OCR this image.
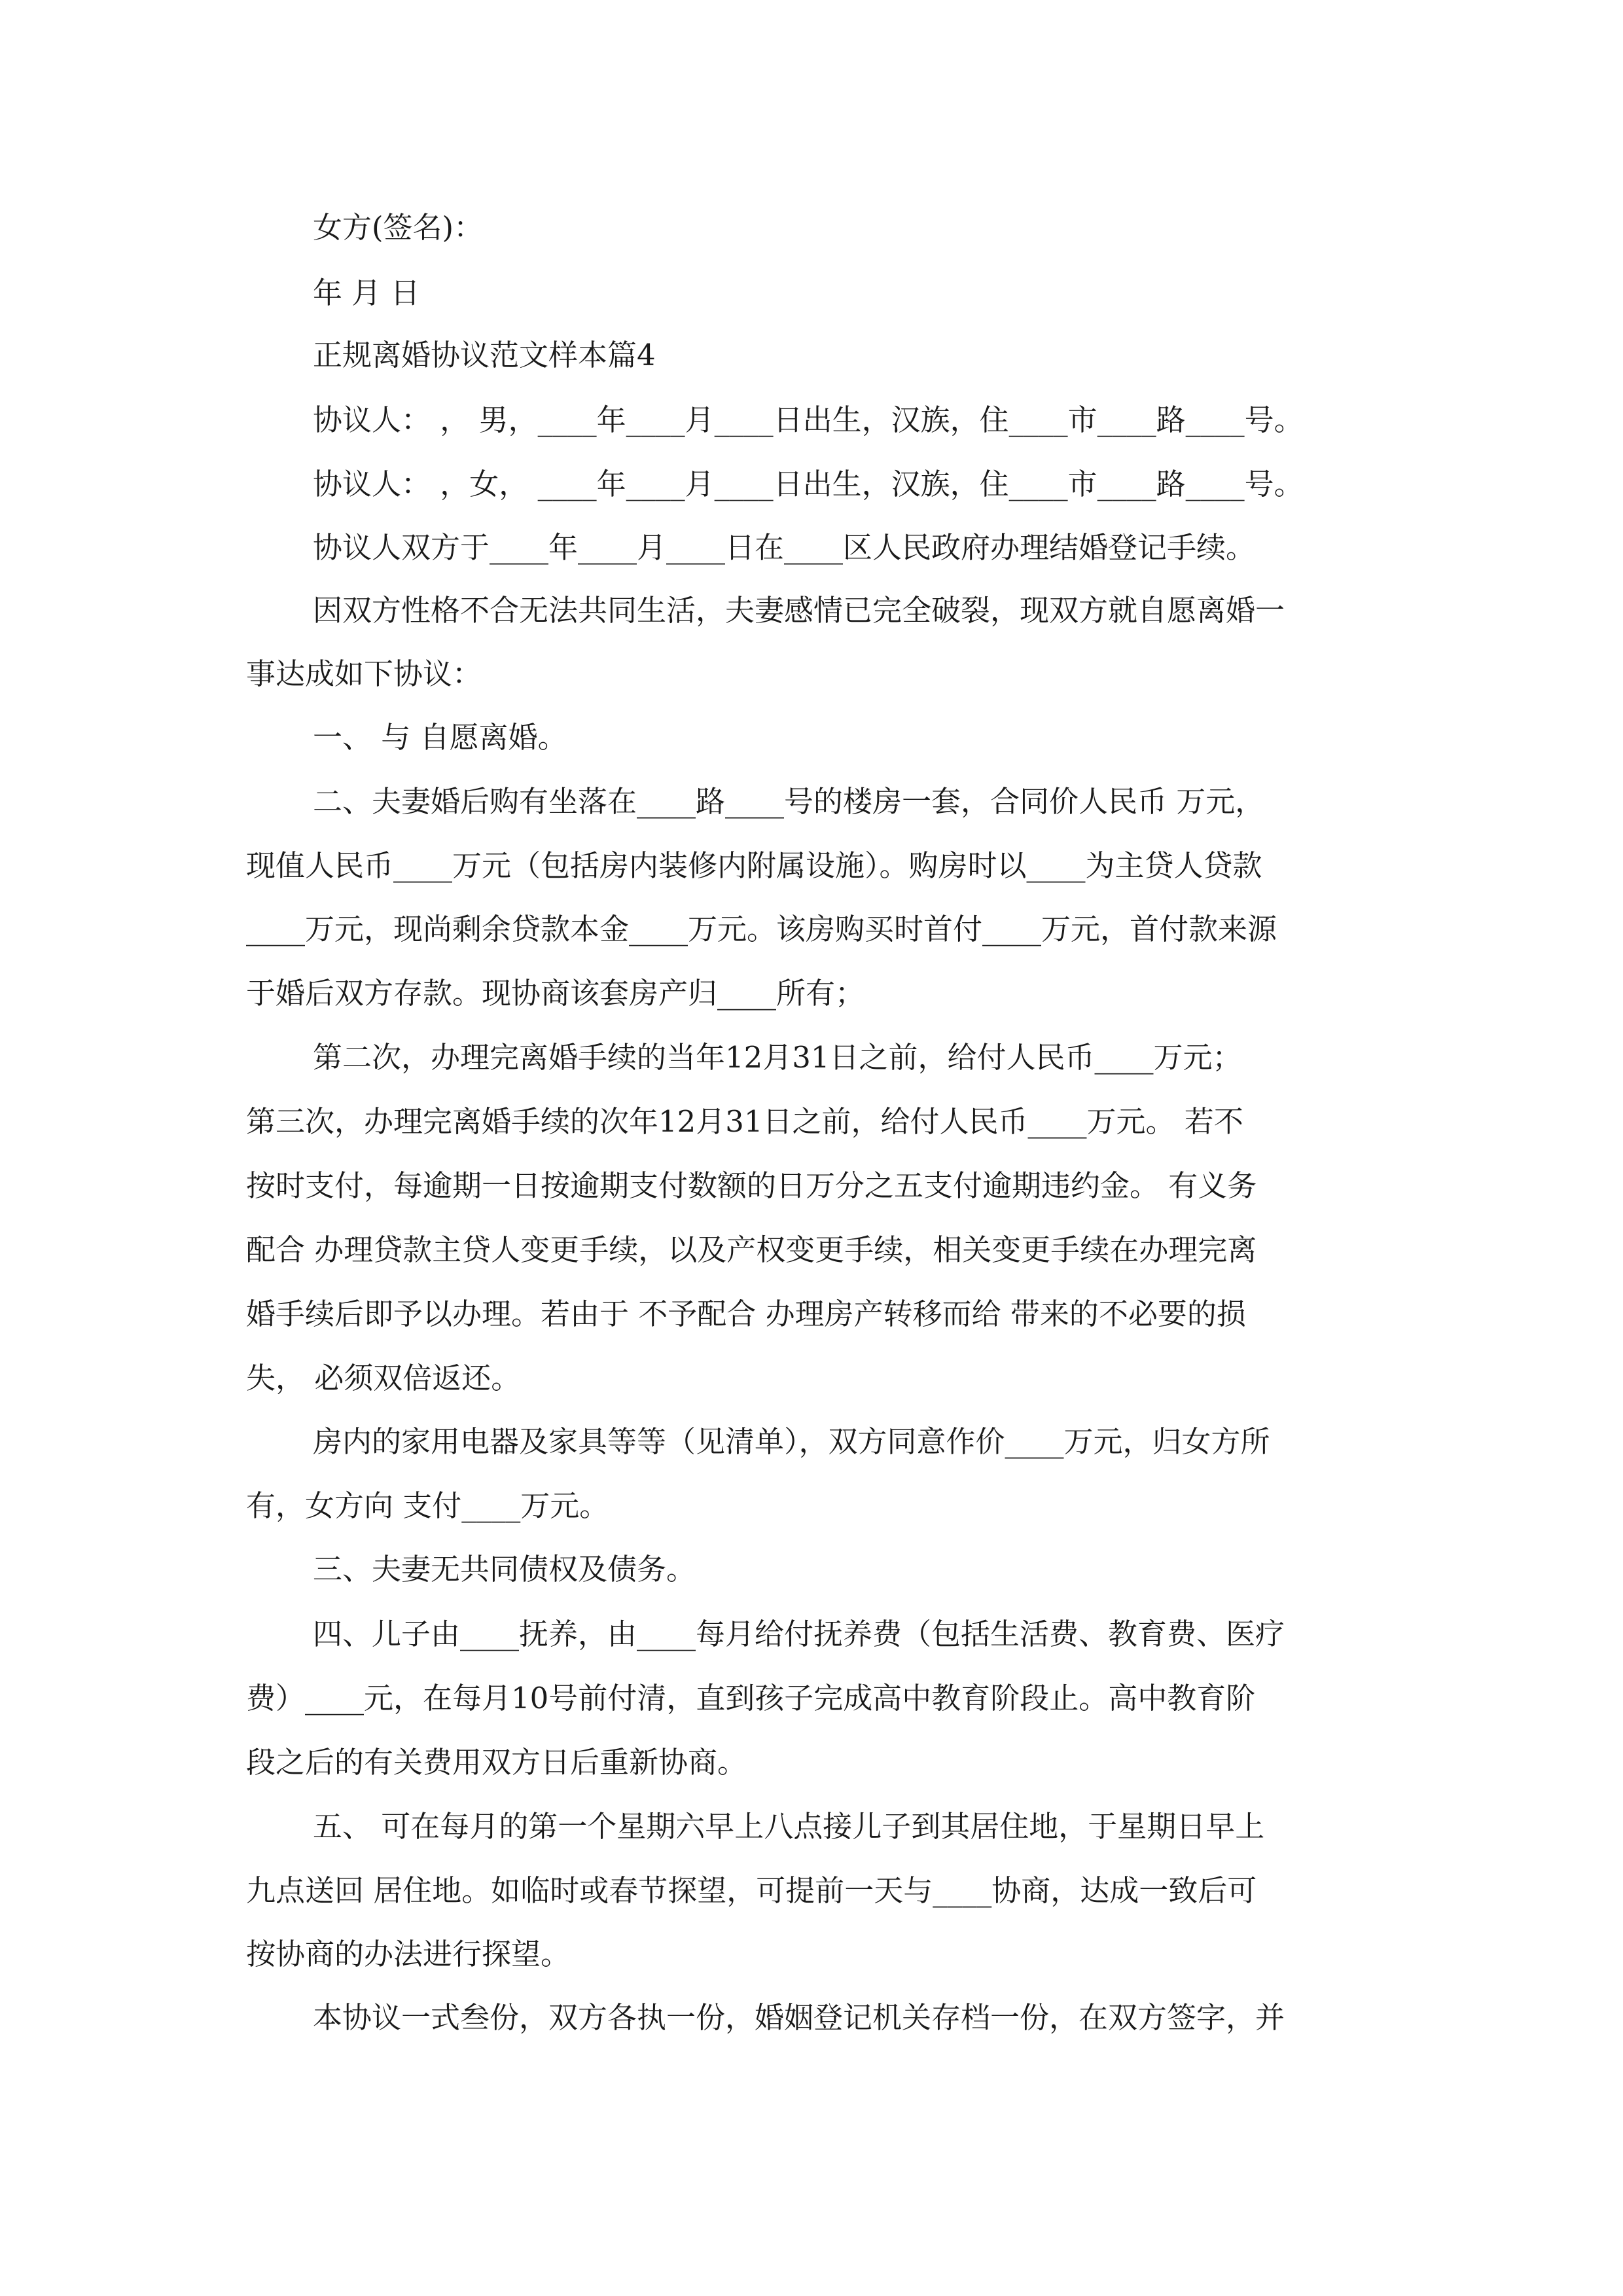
女方(签名)：

年 月 日

正规离婚协议范文样本篇4

协议人： ， 男，____年____月____日出生，汉族，住____市____路____号。

协议人： ，女， ____年____月____日出生，汉族，住____市____路____号。

协议人双方于____年____月____日在____区人民政府办理结婚登记手续。

因双方性格不合无法共同生活，夫妻感情已完全破裂，现双方就自愿离婚一

事达成如下协议：

一、 与 自愿离婚。

二、夫妻婚后购有坐落在____路____号的楼房一套，合同价人民币 万元，

现值人民币____万元（包括房内装修内附属设施）。购房时以____为主贷人贷款

____万元，现尚剩余贷款本金____万元。该房购买时首付____万元，首付款来源

于婚后双方存款。现协商该套房产归____所有；

第二次，办理完离婚手续的当年12月31日之前，给付人民币____万元；

第三次，办理完离婚手续的次年12月31日之前，给付人民币____万元。 若不

按时支付，每逾期一日按逾期支付数额的日万分之五支付逾期违约金。 有义务

配合 办理贷款主贷人变更手续，以及产权变更手续，相关变更手续在办理完离

婚手续后即予以办理。若由于 不予配合 办理房产转移而给 带来的不必要的损

失， 必须双倍返还。

房内的家用电器及家具等等（见清单），双方同意作价____万元，归女方所

有，女方向 支付____万元。

三、夫妻无共同债权及债务。

四、儿子由____抚养，由____每月给付抚养费（包括生活费、教育费、医疗

费）____元，在每月10号前付清，直到孩子完成高中教育阶段止。高中教育阶

段之后的有关费用双方日后重新协商。

五、 可在每月的第一个星期六早上八点接儿子到其居住地，于星期日早上

九点送回 居住地。如临时或春节探望，可提前一天与____协商，达成一致后可

按协商的办法进行探望。

本协议一式叁份，双方各执一份，婚姻登记机关存档一份，在双方签字，并
